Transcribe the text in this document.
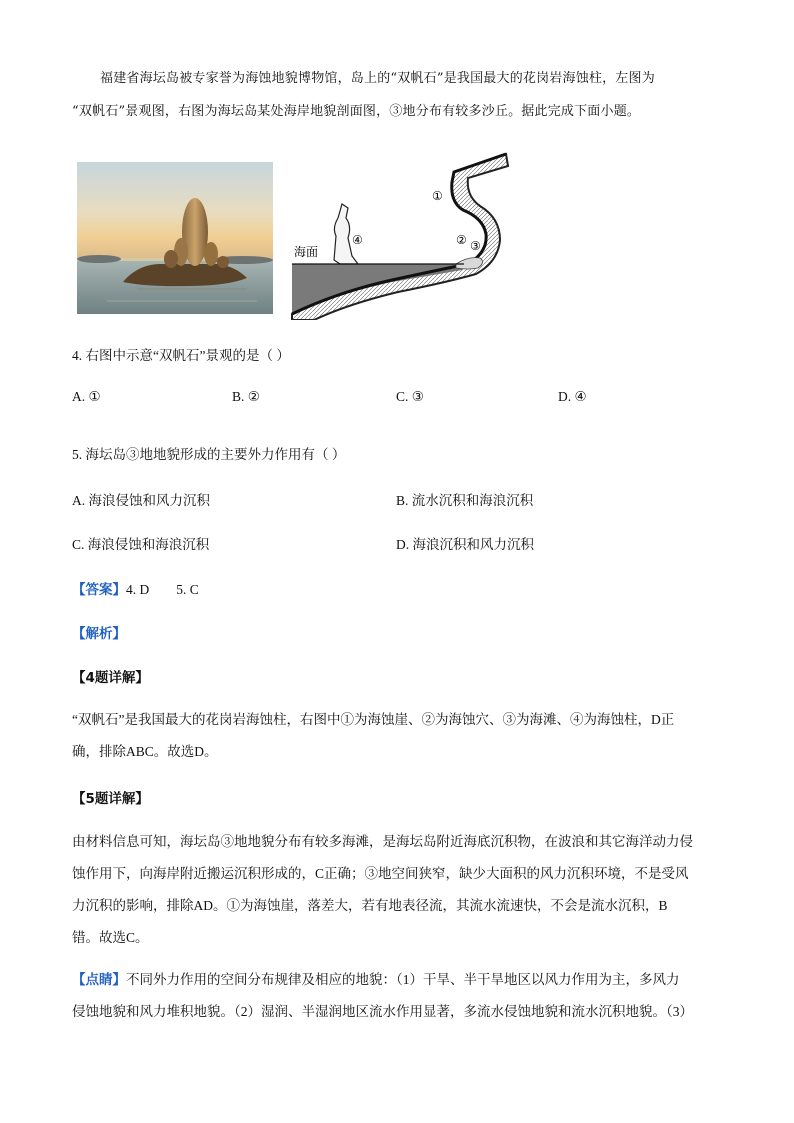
福建省海坛岛被专家誉为海蚀地貌博物馆，岛上的“双帆石”是我国最大的花岗岩海蚀柱，左图为

“双帆石”景观图，右图为海坛岛某处海岸地貌剖面图，③地分布有较多沙丘。据此完成下面小题。

海面
①
② ③
④
4. 右图中示意“双帆石”景观的是（ ）
A. ①	B. ②	C. ③	D. ④
5. 海坛岛③地地貌形成的主要外力作用有（ ）
A. 海浪侵蚀和风力沉积	B. 流水沉积和海浪沉积
C. 海浪侵蚀和海浪沉积	D. 海浪沉积和风力沉积
【答案】4. D        5. C
【解析】
【4题详解】

“双帆石”是我国最大的花岗岩海蚀柱，右图中①为海蚀崖、②为海蚀穴、③为海滩、④为海蚀柱，D正

确，排除ABC。故选D。

【5题详解】

由材料信息可知，海坛岛③地地貌分布有较多海滩，是海坛岛附近海底沉积物，在波浪和其它海洋动力侵

蚀作用下，向海岸附近搬运沉积形成的，C正确；③地空间狭窄，缺少大面积的风力沉积环境，不是受风

力沉积的影响，排除AD。①为海蚀崖，落差大，若有地表径流，其流水流速快，不会是流水沉积，B

错。故选C。

【点睛】不同外力作用的空间分布规律及相应的地貌：（1）干旱、半干旱地区以风力作用为主，多风力

侵蚀地貌和风力堆积地貌。（2）湿润、半湿润地区流水作用显著，多流水侵蚀地貌和流水沉积地貌。（3）
